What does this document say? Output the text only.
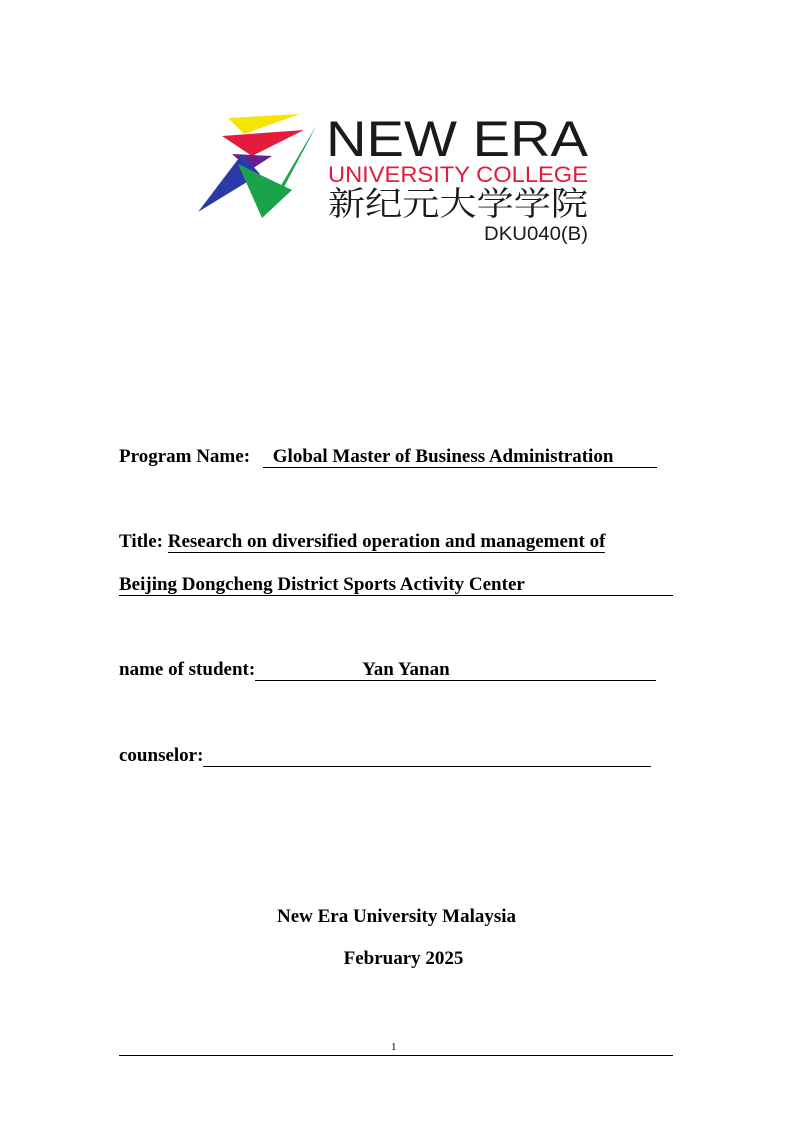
NEW ERA
UNIVERSITY COLLEGE
新纪元大学学院
DKU040(B)
Program Name: Global Master of Business Administration
Title: Research on diversified operation and management of
Beijing Dongcheng District Sports Activity Center
name of student:	Yan Yanan
counselor:
New Era University Malaysia
February 2025
1
